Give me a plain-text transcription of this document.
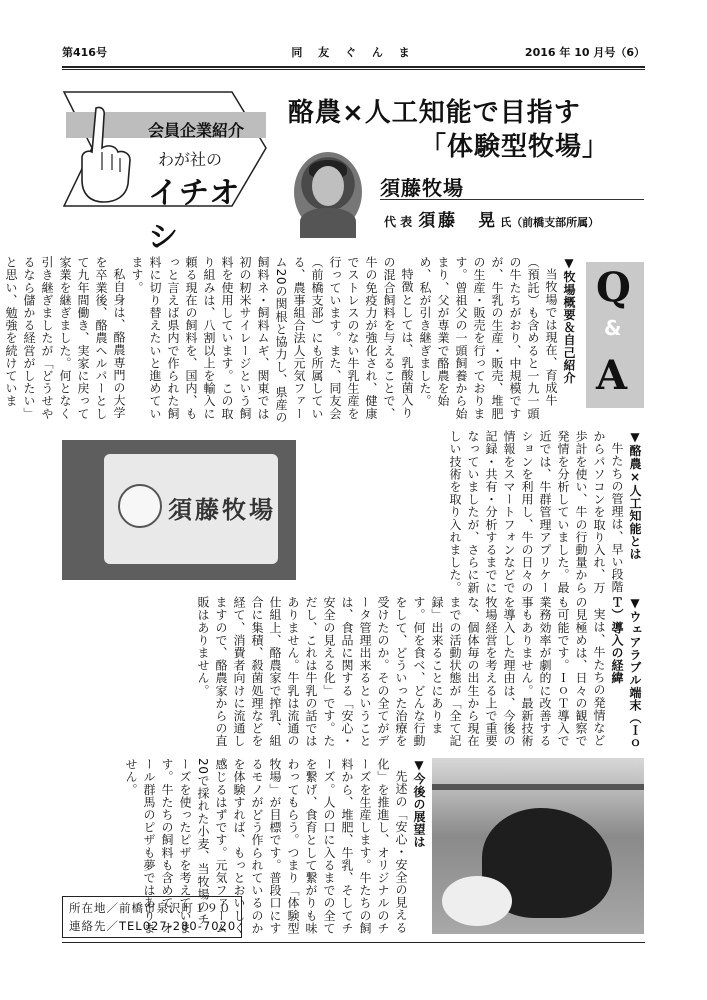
第416号	同 友 ぐ ん ま	2016 年 10 月号（6）
会員企業紹介
わが社の
イチオシ
酪農×人工知能で目指す
「体験型牧場」
須藤牧場
代 表 須藤　晃 氏（前橋支部所属）
Q
&
A

▼牧場概要＆自己紹介

当牧場では現在、育成牛（預託）も含めると一九一頭の牛たちがおり、中規模ですが、牛乳の生産・販売、堆肥の生産・販売を行っております。曾祖父の一頭飼養から始まり、父が専業で酪農を始め、私が引き継ぎました。

特徴としては、乳酸菌入りの混合飼料を与えることで、牛の免疫力が強化され、健康でストレスのない牛乳生産を行っています。また、同友会（前橋支部）にも所属している、農事組合法人元気ファーム20の関根と協力し、県産の飼料ネ・飼料ムギ、関東では初の籾米サイレージという飼料を使用しています。この取り組みは、八割以上を輸入に頼る現在の飼料を、国内、もっと言えば県内で作られた飼料に切り替えたいと進めています。

私自身は、酪農専門の大学を卒業後、酪農ヘルパーとして九年間働き、実家に戻って家業を継ぎました。何となく引き継ぎましたが「どうせやるなら儲かる経営がしたい」と思い、勉強を続けていま

▼酪農×人工知能とは

牛たちの管理は、早い段階からパソコンを取り入れ、万歩計を使い、牛の行動量から発情を分析していました。最近では、牛群管理アプリケーションを利用し、牛の日々の情報をスマートフォンなどで記録・共有・分析するまでになっていましたが、さらに新しい技術を取り入れました。

須藤牧場

▼ウェアラブル端末（ＩｏＴ）導入の経緯

実は、牛たちの発情などの見極めは、日々の観察でも可能です。ＩｏＴ導入で業務効率が劇的に改善する事もありません。最新技術を導入した理由は、今後の牧場経営を考える上で重要な、個体毎の出生から現在までの活動状態が「全て記録」出来ることにあります。何を食べ、どんな行動をして、どういった治療を受けたのか。その全てがデータ管理出来るということは、食品に関する「安心・安全の見える化」です。ただし、これは牛乳の話ではありません。牛乳は流通の仕組上、酪農家で搾乳、組合に集積、殺菌処理などを経て、消費者向けに流通しますので、酪農家からの直販はありません。

▼今後の展望は

先述の「安心・安全の見える化」を推進し、オリジナルのチーズを生産します。牛たちの飼料から、堆肥、牛乳、そしてチーズ。人の口に入るまでの全てを繋げ、食育として繋がりも味わってもらう。つまり「体験型牧場」が目標です。普段口にするモノがどう作られているのかを体験すれば、もっとおいしく感じるはずです。元気ファーム20で採れた小麦、当牧場のチーズを使ったピザを考えています。牛たちの飼料も含めて、オール群馬のピザも夢ではありません。

所在地／前橋市泉沢町１９０
連絡先／TEL027-280-7020
